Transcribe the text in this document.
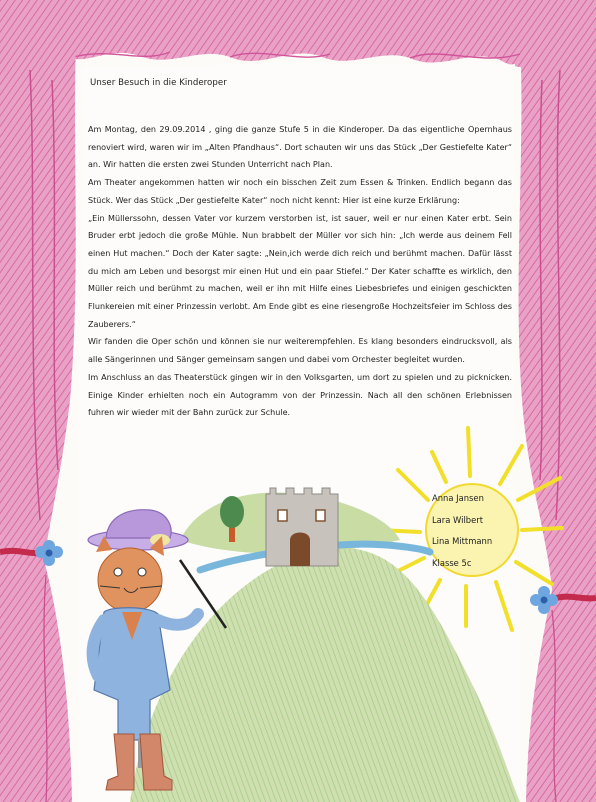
Unser Besuch in die Kinderoper

Am Montag, den 29.09.2014 , ging die ganze Stufe 5 in die Kinderoper. Da das eigentliche Opernhaus renoviert wird, waren wir im „Alten Pfandhaus“. Dort schauten wir uns das Stück „Der Gestiefelte Kater“ an. Wir hatten die ersten zwei Stunden Unterricht nach Plan.

Am Theater angekommen hatten wir noch ein bisschen Zeit zum Essen & Trinken. Endlich begann das Stück. Wer das Stück „Der gestiefelte Kater“ noch nicht kennt: Hier ist eine kurze Erklärung:

„Ein Müllerssohn, dessen Vater vor kurzem verstorben ist, ist sauer, weil er nur einen Kater erbt. Sein Bruder erbt jedoch die große Mühle. Nun brabbelt der Müller vor sich hin: „Ich werde aus deinem Fell einen Hut machen.“ Doch der Kater sagte: „Nein,ich werde dich reich und berühmt machen. Dafür lässt du mich am Leben und besorgst mir einen Hut und ein paar Stiefel.“ Der Kater schaffte es wirklich, den Müller reich und berühmt zu machen, weil er ihn mit Hilfe eines Liebesbriefes und einigen geschickten Flunkereien mit einer Prinzessin verlobt. Am Ende gibt es eine riesengroße Hochzeitsfeier im Schloss des Zauberers.“

Wir fanden die Oper schön und können sie nur weiterempfehlen. Es klang besonders eindrucksvoll, als alle Sängerinnen und Sänger gemeinsam sangen und dabei vom Orchester begleitet wurden.

Im Anschluss an das Theaterstück gingen wir in den Volksgarten, um dort zu spielen und zu picknicken. Einige Kinder erhielten noch ein Autogramm von der Prinzessin. Nach all den schönen Erlebnissen fuhren wir wieder mit der Bahn zurück zur Schule.

Anna Jansen
Lara Wilbert
Lina Mittmann
Klasse 5c
